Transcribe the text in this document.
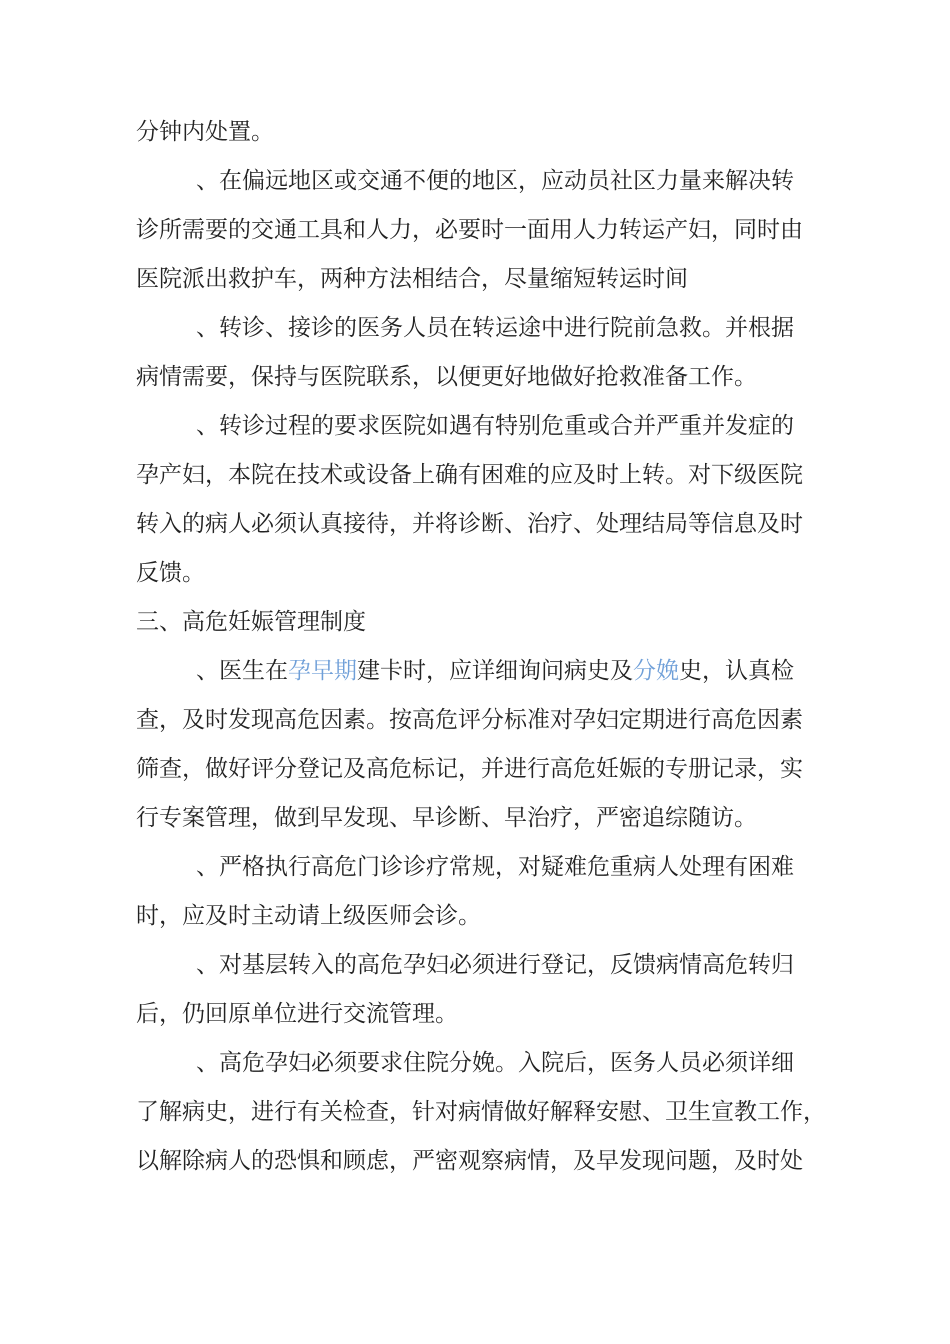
分钟内处置。
、在偏远地区或交通不便的地区，应动员社区力量来解决转
诊所需要的交通工具和人力，必要时一面用人力转运产妇，同时由
医院派出救护车，两种方法相结合，尽量缩短转运时间
、转诊、接诊的医务人员在转运途中进行院前急救。并根据
病情需要，保持与医院联系，以便更好地做好抢救准备工作。
、转诊过程的要求医院如遇有特别危重或合并严重并发症的
孕产妇，本院在技术或设备上确有困难的应及时上转。对下级医院
转入的病人必须认真接待，并将诊断、治疗、处理结局等信息及时
反馈。
三、高危妊娠管理制度
、医生在孕早期建卡时，应详细询问病史及分娩史，认真检
查，及时发现高危因素。按高危评分标准对孕妇定期进行高危因素
筛查，做好评分登记及高危标记，并进行高危妊娠的专册记录，实
行专案管理，做到早发现、早诊断、早治疗，严密追综随访。
、严格执行高危门诊诊疗常规，对疑难危重病人处理有困难
时，应及时主动请上级医师会诊。
、对基层转入的高危孕妇必须进行登记，反馈病情高危转归
后，仍回原单位进行交流管理。
、高危孕妇必须要求住院分娩。入院后，医务人员必须详细
了解病史，进行有关检查，针对病情做好解释安慰、卫生宣教工作，
以解除病人的恐惧和顾虑，严密观察病情，及早发现问题，及时处
